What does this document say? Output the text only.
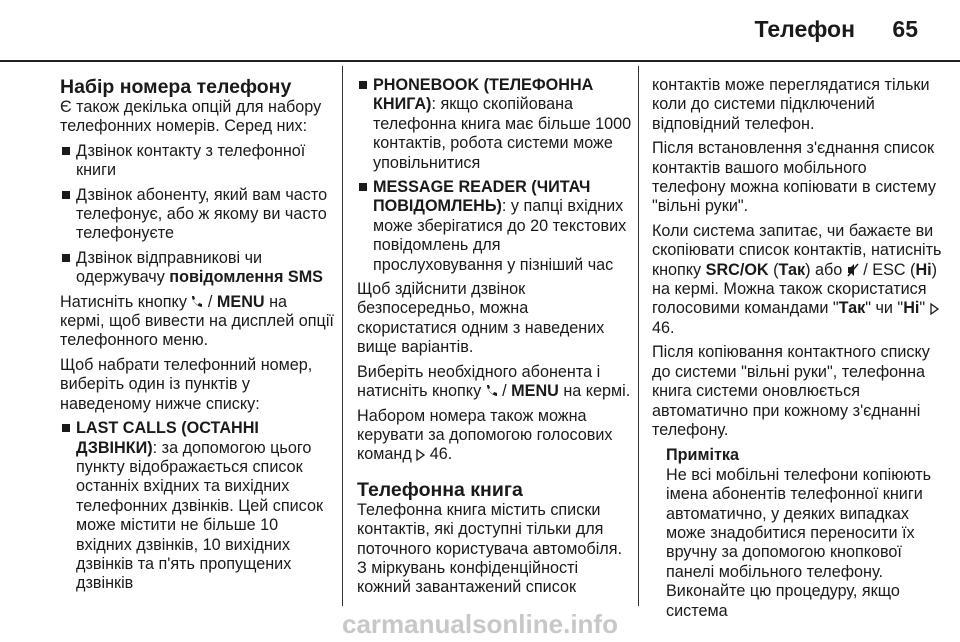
Телефон 65
Набір номера телефону
Є також декілька опцій для набору телефонних номерів. Серед них:
Дзвінок контакту з телефонної книги
Дзвінок абоненту, який вам часто телефонує, або ж якому ви часто телефонуєте
Дзвінок відправникові чи одержувачу повідомлення SMS
Натисніть кнопку  / MENU на кермі, щоб вивести на дисплей опції телефонного меню.
Щоб набрати телефонний номер, виберіть один із пунктів у наведеному нижче списку:
LAST CALLS (ОСТАННІ ДЗВІНКИ): за допомогою цього пункту відображається список останніх вхідних та вихідних телефонних дзвінків. Цей список може містити не більше 10 вхідних дзвінків, 10 вихідних дзвінків та п'ять пропущених дзвінків
PHONEBOOK (ТЕЛЕФОННА КНИГА): якщо скопійована телефонна книга має більше 1000 контактів, робота системи може уповільнитися
MESSAGE READER (ЧИТАЧ ПОВІДОМЛЕНЬ): у папці вхідних може зберігатися до 20 текстових повідомлень для прослуховування у пізніший час
Щоб здійснити дзвінок безпосередньо, можна скористатися одним з наведених вище варіантів.
Виберіть необхідного абонента і натисніть кнопку  / MENU на кермі.
Набором номера також можна керувати за допомогою голосових команд  46.
Телефонна книга
Телефонна книга містить списки контактів, які доступні тільки для поточного користувача автомобіля. З міркувань конфіденційності кожний завантажений список
контактів може переглядатися тільки коли до системи підключений відповідний телефон.
Після встановлення з'єднання список контактів вашого мобільного телефону можна копіювати в систему "вільні руки".
Коли система запитає, чи бажаєте ви скопіювати список контактів, натисніть кнопку SRC/OK (Так) або  / ESC (Ні) на кермі. Можна також скористатися голосовими командами "Так" чи "Ні"  46.
Після копіювання контактного списку до системи "вільні руки", телефонна книга системи оновлюється автоматично при кожному з'єднанні телефону.
Примітка
Не всі мобільні телефони копіюють імена абонентів телефонної книги автоматично, у деяких випадках може знадобитися переносити їх вручну за допомогою кнопкової панелі мобільного телефону. Виконайте цю процедуру, якщо система
carmanualsonline.info
